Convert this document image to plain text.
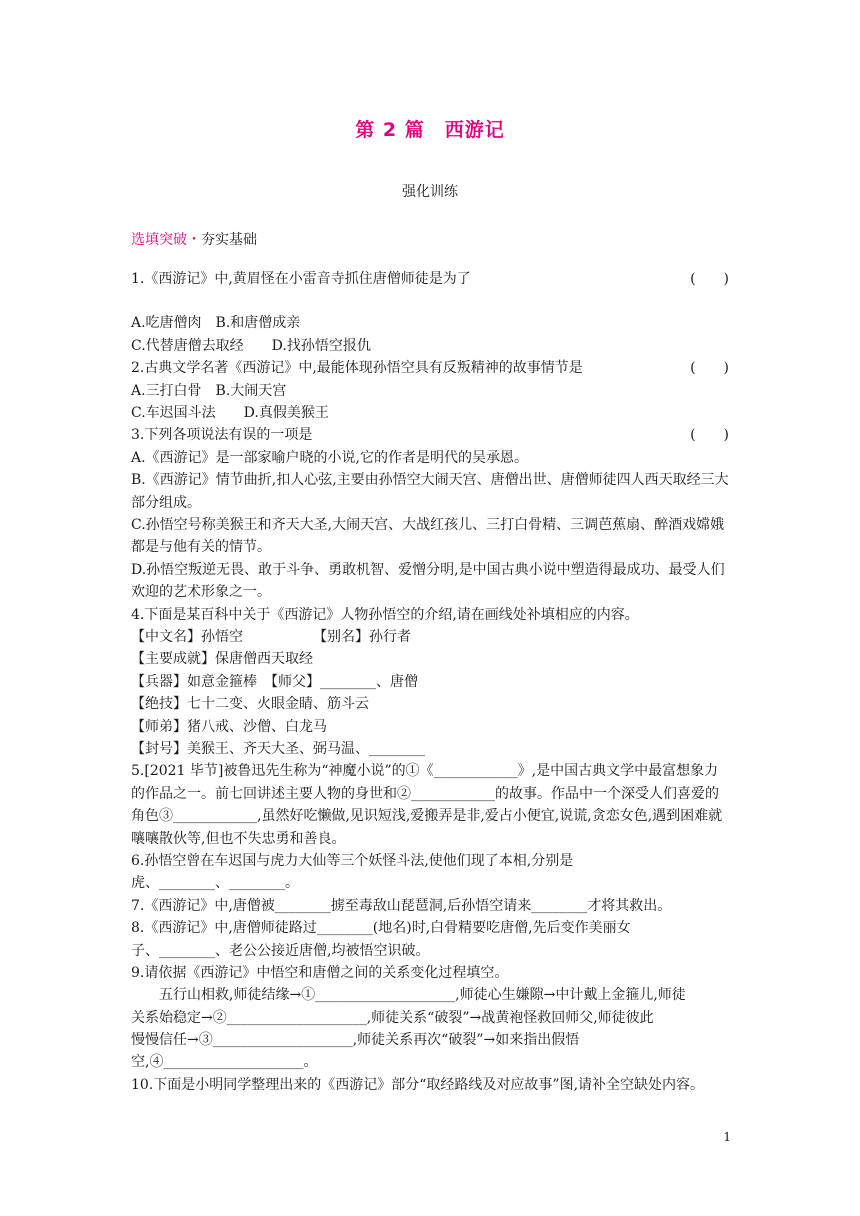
第 2 篇　西游记
强化训练
选填突破・夯实基础
1.《西游记》中,黄眉怪在小雷音寺抓住唐僧师徒是为了	(　　)
A.吃唐僧肉　B.和唐僧成亲
C.代替唐僧去取经　　D.找孙悟空报仇
2.古典文学名著《西游记》中,最能体现孙悟空具有反叛精神的故事情节是	(　　)
A.三打白骨　B.大闹天宫
C.车迟国斗法　　D.真假美猴王
3.下列各项说法有误的一项是	(　　)
A.《西游记》是一部家喻户晓的小说,它的作者是明代的吴承恩。
B.《西游记》情节曲折,扣人心弦,主要由孙悟空大闹天宫、唐僧出世、唐僧师徒四人西天取经三大部分组成。
C.孙悟空号称美猴王和齐天大圣,大闹天宫、大战红孩儿、三打白骨精、三调芭蕉扇、醉酒戏嫦娥都是与他有关的情节。
D.孙悟空叛逆无畏、敢于斗争、勇敢机智、爱憎分明,是中国古典小说中塑造得最成功、最受人们欢迎的艺术形象之一。
4.下面是某百科中关于《西游记》人物孙悟空的介绍,请在画线处补填相应的内容。
【中文名】孙悟空	【别名】孙行者
【主要成就】保唐僧西天取经
【兵器】如意金箍棒　【师父】________、唐僧
【绝技】七十二变、火眼金睛、筋斗云
【师弟】猪八戒、沙僧、白龙马
【封号】美猴王、齐天大圣、弼马温、________
5.[2021 毕节]被鲁迅先生称为“神魔小说”的①《____________》,是中国古典文学中最富想象力的作品之一。前七回讲述主要人物的身世和②____________的故事。作品中一个深受人们喜爱的角色③____________,虽然好吃懒做,见识短浅,爱搬弄是非,爱占小便宜,说谎,贪恋女色,遇到困难就嚷嚷散伙等,但也不失忠勇和善良。
6.孙悟空曾在车迟国与虎力大仙等三个妖怪斗法,使他们现了本相,分别是
虎、________、________。
7.《西游记》中,唐僧被________掳至毒敌山琵琶洞,后孙悟空请来________才将其救出。
8.《西游记》中,唐僧师徒路过________(地名)时,白骨精要吃唐僧,先后变作美丽女
子、________、老公公接近唐僧,均被悟空识破。
9.请依据《西游记》中悟空和唐僧之间的关系变化过程填空。
五行山相救,师徒结缘→①____________________,师徒心生嫌隙→中计戴上金箍儿,师徒
关系始稳定→②____________________,师徒关系“破裂”→战黄袍怪救回师父,师徒彼此
慢慢信任→③____________________,师徒关系再次“破裂”→如来指出假悟
空,④____________________。
10.下面是小明同学整理出来的《西游记》部分“取经路线及对应故事”图,请补全空缺处内容。
1
